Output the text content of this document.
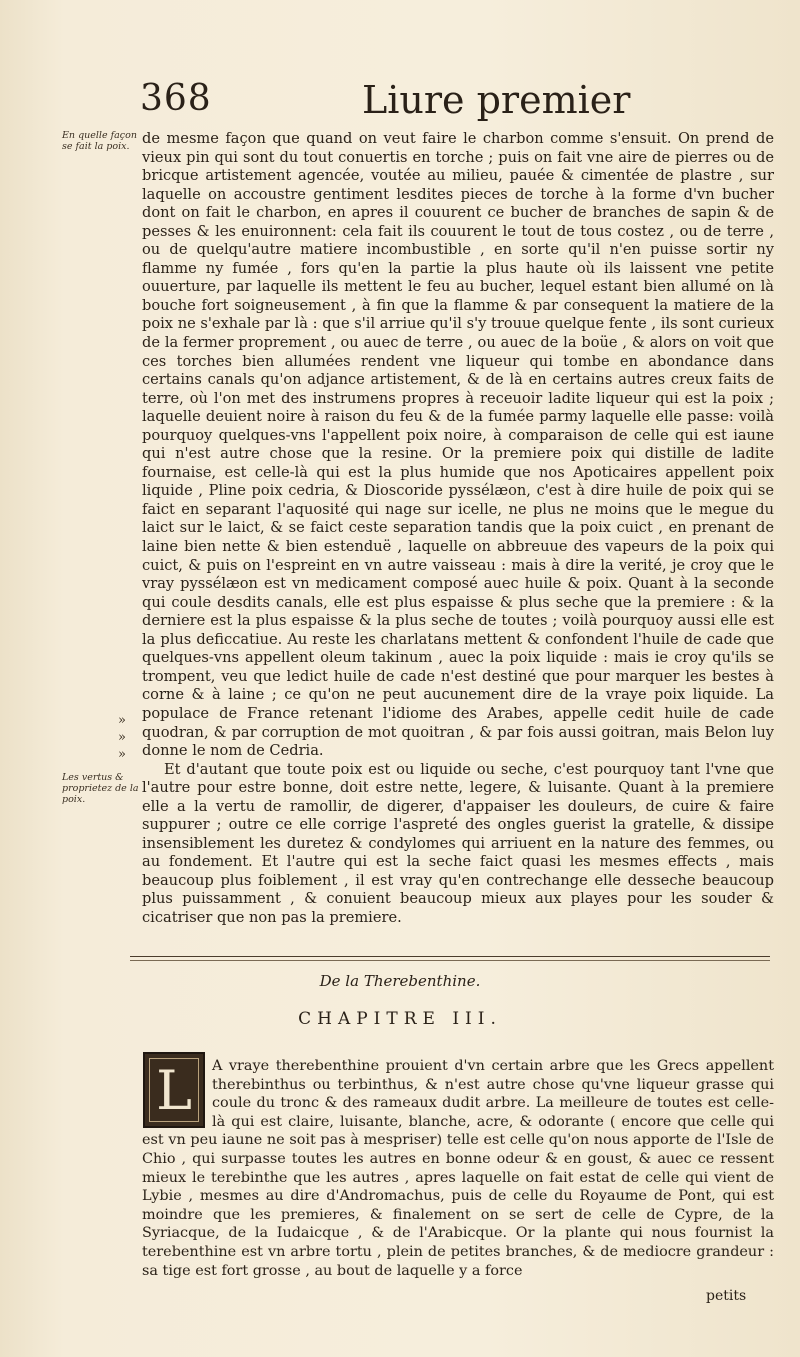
368	Liure premier
En quelle façon se fait la poix.
Les vertus & proprietez de la poix.
»
»
»

de mesme façon que quand on veut faire le charbon comme s'ensuit. On prend de vieux pin qui sont du tout conuertis en torche ; puis on fait vne aire de pierres ou de bricque artistement agencée, voutée au milieu, pauée & cimentée de plastre , sur laquelle on accoustre gentiment lesdites pieces de torche à la forme d'vn bucher dont on fait le charbon, en apres il couurent ce bucher de branches de sapin & de pesses & les enuironnent: cela fait ils couurent le tout de tous costez , ou de terre , ou de quelqu'autre matiere incombustible , en sorte qu'il n'en puisse sortir ny flamme ny fumée , fors qu'en la partie la plus haute où ils laissent vne petite ouuerture, par laquelle ils mettent le feu au bucher, lequel estant bien allumé on là bouche fort soigneusement , à fin que la flamme & par consequent la matiere de la poix ne s'exhale par là : que s'il arriue qu'il s'y trouue quelque fente , ils sont curieux de la fermer proprement , ou auec de terre , ou auec de la boüe , & alors on voit que ces torches bien allumées rendent vne liqueur qui tombe en abondance dans certains canals qu'on adjance artistement, & de là en certains autres creux faits de terre, où l'on met des instrumens propres à receuoir ladite liqueur qui est la poix ; laquelle deuient noire à raison du feu & de la fumée parmy laquelle elle passe: voilà pourquoy quelques-vns l'appellent poix noire, à comparaison de celle qui est iaune qui n'est autre chose que la resine. Or la premiere poix qui distille de ladite fournaise, est celle-là qui est la plus humide que nos Apoticaires appellent poix liquide , Pline poix cedria, & Dioscoride pyssélæon, c'est à dire huile de poix qui se faict en separant l'aquosité qui nage sur icelle, ne plus ne moins que le megue du laict sur le laict, & se faict ceste separation tandis que la poix cuict , en prenant de laine bien nette & bien estenduë , laquelle on abbreuue des vapeurs de la poix qui cuict, & puis on l'espreint en vn autre vaisseau : mais à dire la verité, je croy que le vray pyssélæon est vn medicament composé auec huile & poix. Quant à la seconde qui coule desdits canals, elle est plus espaisse & plus seche que la premiere : & la derniere est la plus espaisse & la plus seche de toutes ; voilà pourquoy aussi elle est la plus deficcatiue. Au reste les charlatans mettent & confondent l'huile de cade que quelques-vns appellent oleum takinum , auec la poix liquide : mais ie croy qu'ils se trompent, veu que ledict huile de cade n'est destiné que pour marquer les bestes à corne & à laine ; ce qu'on ne peut aucunement dire de la vraye poix liquide. La populace de France retenant l'idiome des Arabes, appelle cedit huile de cade quodran, & par corruption de mot quoitran , & par fois aussi goitran, mais Belon luy donne le nom de Cedria.

Et d'autant que toute poix est ou liquide ou seche, c'est pourquoy tant l'vne que l'autre pour estre bonne, doit estre nette, legere, & luisante. Quant à la premiere elle a la vertu de ramollir, de digerer, d'appaiser les douleurs, de cuire & faire suppurer ; outre ce elle corrige l'aspreté des ongles guerist la gratelle, & dissipe insensiblement les duretez & condylomes qui arriuent en la nature des femmes, ou au fondement. Et l'autre qui est la seche faict quasi les mesmes effects , mais beaucoup plus foiblement , il est vray qu'en contrechange elle desseche beaucoup plus puissamment , & conuient beaucoup mieux aux playes pour les souder & cicatriser que non pas la premiere.

De la Therebenthine.
CHAPITRE III.
L	A vraye therebenthine prouient d'vn certain arbre que les Grecs appellent therebinthus ou terbinthus, & n'est autre chose qu'vne liqueur grasse qui coule du tronc & des rameaux dudit arbre. La meilleure de toutes est celle-là qui est claire, luisante, blanche, acre, & odorante ( encore que celle qui est vn peu iaune ne soit pas à mespriser) telle est celle qu'on nous apporte de l'Isle de Chio , qui surpasse toutes les autres en bonne odeur & en goust, & auec ce ressent mieux le terebinthe que les autres , apres laquelle on fait estat de celle qui vient de Lybie , mesmes au dire d'Andromachus, puis de celle du Royaume de Pont, qui est moindre que les premieres, & finalement on se sert de celle de Cypre, de la Syriacque, de la Iudaicque , & de l'Arabicque. Or la plante qui nous fournist la terebenthine est vn arbre tortu , plein de petites branches, & de mediocre grandeur : sa tige est fort grosse , au bout de laquelle y a force
petits
